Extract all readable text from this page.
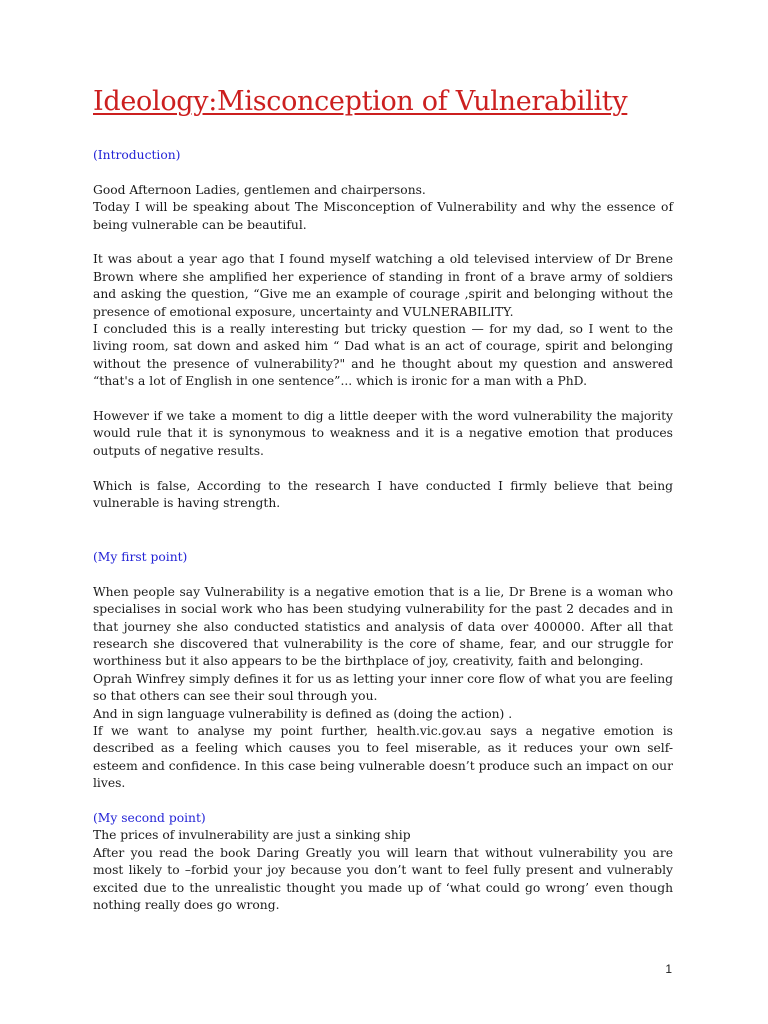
Ideology:Misconception of Vulnerability

(Introduction)

Good Afternoon Ladies, gentlemen and chairpersons.

Today I will be speaking about The Misconception of Vulnerability and why the essence of being vulnerable can be beautiful.

It was about a year ago that I found myself watching a old televised interview of Dr Brene Brown where she amplified her experience of standing in front of a brave army of soldiers and asking the question, “Give me an example of courage ,spirit and belonging without the presence of emotional exposure, uncertainty and VULNERABILITY.

I concluded this is a really interesting but tricky question — for my dad, so I went to the living room, sat down and asked him “ Dad what is an act of courage, spirit and belonging without the presence of vulnerability?" and he thought about my question and answered “that's a lot of English in one sentence”... which is ironic for a man with a PhD.

However if we take a moment to dig a little deeper with the word vulnerability the majority would rule that it is synonymous to weakness and it is a negative emotion that produces outputs of negative results.

Which is false, According to the research I have conducted I firmly believe that being vulnerable is having strength.

(My first point)

When people say Vulnerability is a negative emotion that is a lie, Dr Brene is a woman who specialises in social work who has been studying vulnerability for the past 2 decades and in that journey she also conducted statistics and analysis of data over 400000. After all that research she discovered that vulnerability is the core of shame, fear, and our struggle for worthiness but it also appears to be the birthplace of joy, creativity, faith and belonging.

Oprah Winfrey simply defines it for us as letting your inner core flow of what you are feeling so that others can see their soul through you.

And in sign language vulnerability is defined as (doing the action) .

If we want to analyse my point further, health.vic.gov.au says a negative emotion is described as a feeling which causes you to feel miserable, as it reduces your own self-esteem and confidence. In this case being vulnerable doesn’t produce such an impact on our lives.

(My second point)

The prices of invulnerability are just a sinking ship

After you read the book Daring Greatly you will learn that without vulnerability you are most likely to –forbid your joy because you don’t want to feel fully present and vulnerably excited due to the unrealistic thought you made up of ‘what could go wrong’ even though nothing really does go wrong.

1
